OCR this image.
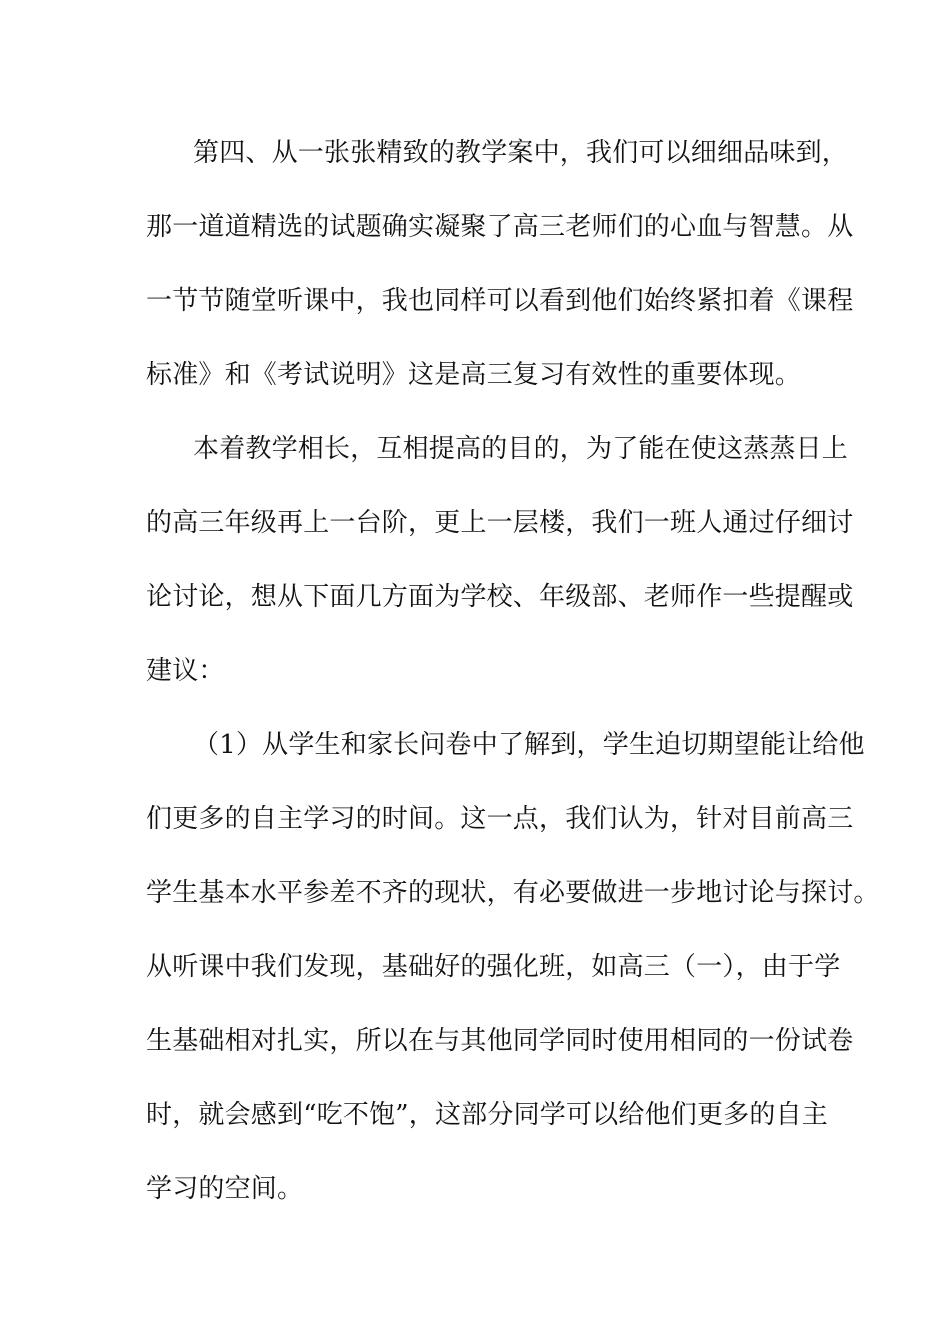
第四、从一张张精致的教学案中，我们可以细细品味到，
那一道道精选的试题确实凝聚了高三老师们的心血与智慧。从
一节节随堂听课中，我也同样可以看到他们始终紧扣着《课程
标准》和《考试说明》这是高三复习有效性的重要体现。
本着教学相长，互相提高的目的，为了能在使这蒸蒸日上
的高三年级再上一台阶，更上一层楼，我们一班人通过仔细讨
论讨论，想从下面几方面为学校、年级部、老师作一些提醒或
建议：
（1）从学生和家长问卷中了解到，学生迫切期望能让给他
们更多的自主学习的时间。这一点，我们认为，针对目前高三
学生基本水平参差不齐的现状，有必要做进一步地讨论与探讨。
从听课中我们发现，基础好的强化班，如高三（一），由于学
生基础相对扎实，所以在与其他同学同时使用相同的一份试卷
时，就会感到“吃不饱”，这部分同学可以给他们更多的自主
学习的空间。
